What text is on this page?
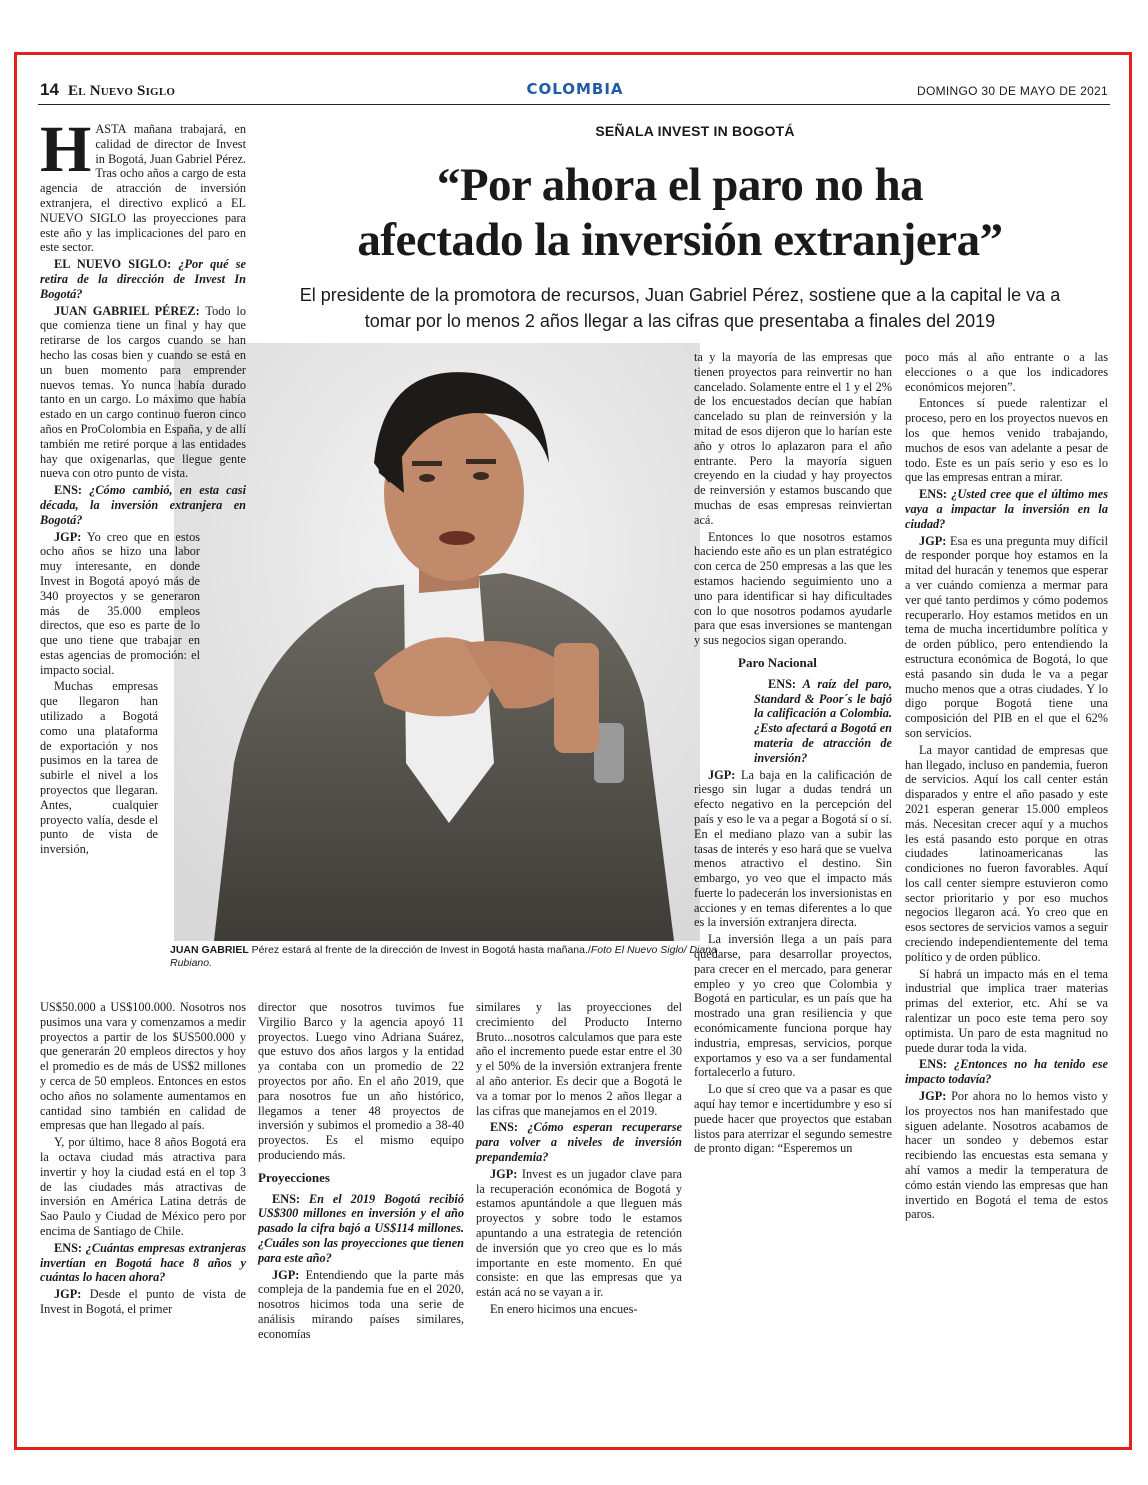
14 El Nuevo Siglo	COLOMBIA	DOMINGO 30 DE MAYO DE 2021
SEÑALA INVEST IN BOGOTÁ
“Por ahora el paro no ha
afectado la inversión extranjera”
El presidente de la promotora de recursos, Juan Gabriel Pérez, sostiene que a la capital le va a
tomar por lo menos 2 años llegar a las cifras que presentaba a finales del 2019
JUAN GABRIEL Pérez estará al frente de la dirección de Invest in Bogotá hasta mañana./Foto El Nuevo Siglo/ Diana Rubiano.

HASTA mañana trabajará, en calidad de director de Invest in Bogotá, Juan Gabriel Pérez. Tras ocho años a cargo de esta agencia de atracción de inversión extranjera, el directivo explicó a EL NUEVO SIGLO las proyecciones para este año y las implicaciones del paro en este sector.

EL NUEVO SIGLO: ¿Por qué se retira de la dirección de Invest In Bogotá?

JUAN GABRIEL PÉREZ: Todo lo que comienza tiene un final y hay que retirarse de los cargos cuando se han hecho las cosas bien y cuando se está en un buen momento para emprender nuevos temas. Yo nunca había durado tanto en un cargo. Lo máximo que había estado en un cargo continuo fueron cinco años en ProColombia en España, y de allí también me retiré porque a las entidades hay que oxigenarlas, que llegue gente nueva con otro punto de vista.

ENS: ¿Cómo cambió, en esta casi década, la inversión extranjera en Bogotá?

JGP: Yo creo que en estos ocho años se hizo una labor muy interesante, en donde Invest in Bogotá apoyó más de 340 proyectos y se generaron más de 35.000 empleos directos, que eso es parte de lo que uno tiene que trabajar en estas agencias de promoción: el impacto social.

Muchas empresas que llegaron han utilizado a Bogotá como una plataforma de exportación y nos pusimos en la tarea de subirle el nivel a los proyectos que llegaran. Antes, cualquier proyecto valía, desde el punto de vista de inversión,

US$50.000 a US$100.000. Nosotros nos pusimos una vara y comenzamos a medir proyectos a partir de los $US500.000 y que generarán 20 empleos directos y hoy el promedio es de más de US$2 millones y cerca de 50 empleos. Entonces en estos ocho años no solamente aumentamos en cantidad sino también en calidad de empresas que han llegado al país.

Y, por último, hace 8 años Bogotá era la octava ciudad más atractiva para invertir y hoy la ciudad está en el top 3 de las ciudades más atractivas de inversión en América Latina detrás de Sao Paulo y Ciudad de México pero por encima de Santiago de Chile.

ENS: ¿Cuántas empresas extranjeras invertían en Bogotá hace 8 años y cuántas lo hacen ahora?

JGP: Desde el punto de vista de Invest in Bogotá, el primer

director que nosotros tuvimos fue Virgilio Barco y la agencia apoyó 11 proyectos. Luego vino Adriana Suárez, que estuvo dos años largos y la entidad ya contaba con un promedio de 22 proyectos por año. En el año 2019, que para nosotros fue un año histórico, llegamos a tener 48 proyectos de inversión y subimos el promedio a 38-40 proyectos. Es el mismo equipo produciendo más.

Proyecciones

ENS: En el 2019 Bogotá recibió US$300 millones en inversión y el año pasado la cifra bajó a US$114 millones. ¿Cuáles son las proyecciones que tienen para este año?

JGP: Entendiendo que la parte más compleja de la pandemia fue en el 2020, nosotros hicimos toda una serie de análisis mirando países similares, economías

similares y las proyecciones del crecimiento del Producto Interno Bruto...nosotros calculamos que para este año el incremento puede estar entre el 30 y el 50% de la inversión extranjera frente al año anterior. Es decir que a Bogotá le va a tomar por lo menos 2 años llegar a las cifras que manejamos en el 2019.

ENS: ¿Cómo esperan recuperarse para volver a niveles de inversión prepandemia?

JGP: Invest es un jugador clave para la recuperación económica de Bogotá y estamos apuntándole a que lleguen más proyectos y sobre todo le estamos apuntando a una estrategia de retención de inversión que yo creo que es lo más importante en este momento. En qué consiste: en que las empresas que ya están acá no se vayan a ir.

En enero hicimos una encues-

ta y la mayoría de las empresas que tienen proyectos para reinvertir no han cancelado. Solamente entre el 1 y el 2% de los encuestados decían que habían cancelado su plan de reinversión y la mitad de esos dijeron que lo harían este año y otros lo aplazaron para el año entrante. Pero la mayoría siguen creyendo en la ciudad y hay proyectos de reinversión y estamos buscando que muchas de esas empresas reinviertan acá.

Entonces lo que nosotros estamos haciendo este año es un plan estratégico con cerca de 250 empresas a las que les estamos haciendo seguimiento uno a uno para identificar si hay dificultades con lo que nosotros podamos ayudarle para que esas inversiones se mantengan y sus negocios sigan operando.

Paro Nacional

ENS: A raíz del paro, Standard & Poor´s le bajó la calificación a Colombia. ¿Esto afectará a Bogotá en materia de atracción de inversión?

JGP: La baja en la calificación de riesgo sin lugar a dudas tendrá un efecto negativo en la percepción del país y eso le va a pegar a Bogotá sí o sí. En el mediano plazo van a subir las tasas de interés y eso hará que se vuelva menos atractivo el destino. Sin embargo, yo veo que el impacto más fuerte lo padecerán los inversionistas en acciones y en temas diferentes a lo que es la inversión extranjera directa.

La inversión llega a un país para quedarse, para desarrollar proyectos, para crecer en el mercado, para generar empleo y yo creo que Colombia y Bogotá en particular, es un país que ha mostrado una gran resiliencia y que económicamente funciona porque hay industria, empresas, servicios, porque exportamos y eso va a ser fundamental fortalecerlo a futuro.

Lo que sí creo que va a pasar es que aquí hay temor e incertidumbre y eso sí puede hacer que proyectos que estaban listos para aterrizar el segundo semestre de pronto digan: “Esperemos un

poco más al año entrante o a las elecciones o a que los indicadores económicos mejoren”.

Entonces sí puede ralentizar el proceso, pero en los proyectos nuevos en los que hemos venido trabajando, muchos de esos van adelante a pesar de todo. Este es un país serio y eso es lo que las empresas entran a mirar.

ENS: ¿Usted cree que el último mes vaya a impactar la inversión en la ciudad?

JGP: Esa es una pregunta muy difícil de responder porque hoy estamos en la mitad del huracán y tenemos que esperar a ver cuándo comienza a mermar para ver qué tanto perdimos y cómo podemos recuperarlo. Hoy estamos metidos en un tema de mucha incertidumbre política y de orden público, pero entendiendo la estructura económica de Bogotá, lo que está pasando sin duda le va a pegar mucho menos que a otras ciudades. Y lo digo porque Bogotá tiene una composición del PIB en el que el 62% son servicios.

La mayor cantidad de empresas que han llegado, incluso en pandemia, fueron de servicios. Aquí los call center están disparados y entre el año pasado y este 2021 esperan generar 15.000 empleos más. Necesitan crecer aquí y a muchos les está pasando esto porque en otras ciudades latinoamericanas las condiciones no fueron favorables. Aquí los call center siempre estuvieron como sector prioritario y por eso muchos negocios llegaron acá. Yo creo que en esos sectores de servicios vamos a seguir creciendo independientemente del tema político y de orden público.

Sí habrá un impacto más en el tema industrial que implica traer materias primas del exterior, etc. Ahí se va ralentizar un poco este tema pero soy optimista. Un paro de esta magnitud no puede durar toda la vida.

ENS: ¿Entonces no ha tenido ese impacto todavía?

JGP: Por ahora no lo hemos visto y los proyectos nos han manifestado que siguen adelante. Nosotros acabamos de hacer un sondeo y debemos estar recibiendo las encuestas esta semana y ahí vamos a medir la temperatura de cómo están viendo las empresas que han invertido en Bogotá el tema de estos paros.
